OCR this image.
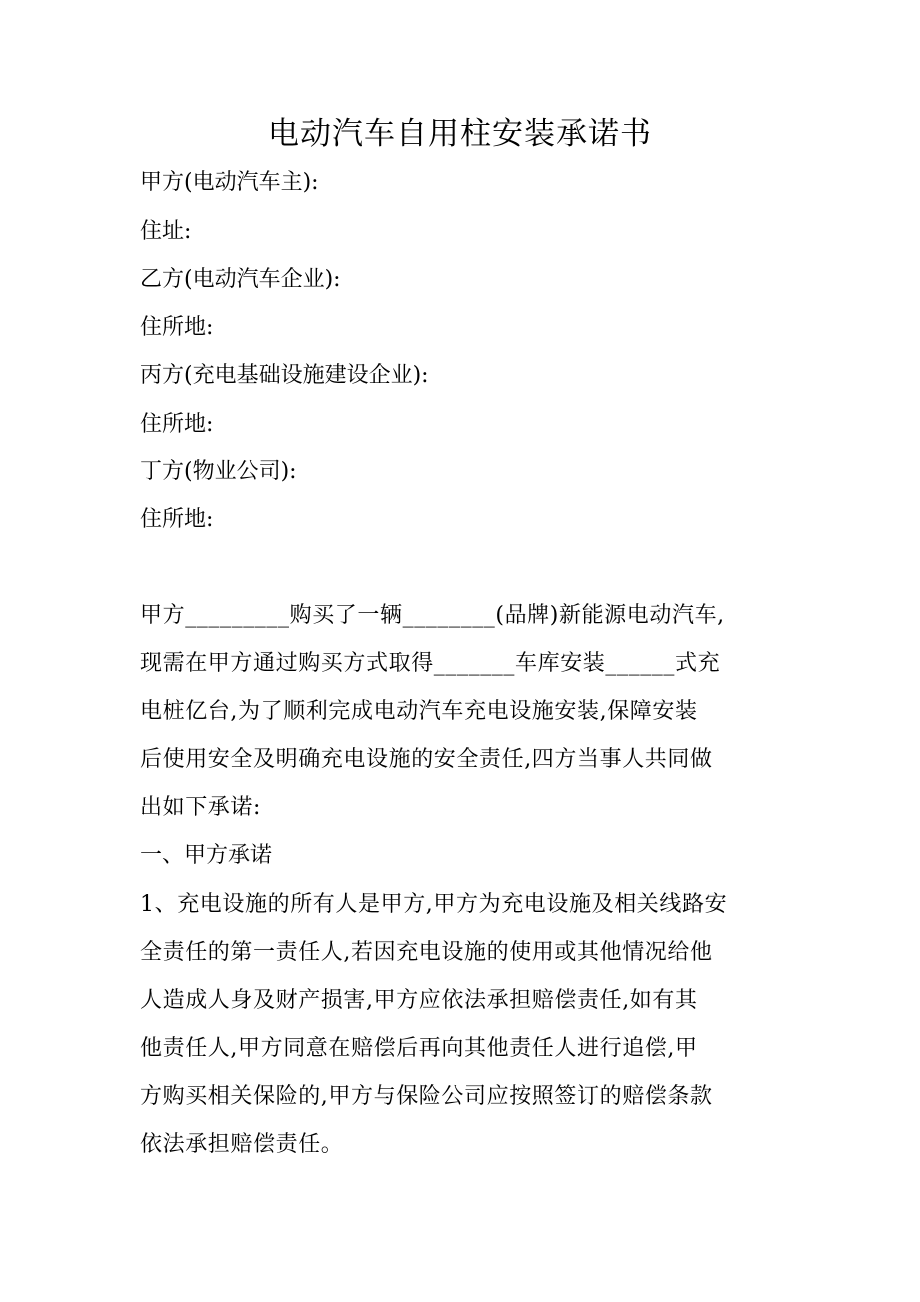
电动汽车自用柱安装承诺书
甲方(电动汽车主):
住址:
乙方(电动汽车企业):
住所地:
丙方(充电基础设施建设企业):
住所地:
丁方(物业公司):
住所地:
甲方_________购买了一辆________(品牌)新能源电动汽车,
现需在甲方通过购买方式取得_______车库安装______式充
电桩亿台,为了顺利完成电动汽车充电设施安装,保障安装
后使用安全及明确充电设施的安全责任,四方当事人共同做
出如下承诺:
一、甲方承诺
1、充电设施的所有人是甲方,甲方为充电设施及相关线路安
全责任的第一责任人,若因充电设施的使用或其他情况给他
人造成人身及财产损害,甲方应依法承担赔偿责任,如有其
他责任人,甲方同意在赔偿后再向其他责任人进行追偿,甲
方购买相关保险的,甲方与保险公司应按照签订的赔偿条款
依法承担赔偿责任。
